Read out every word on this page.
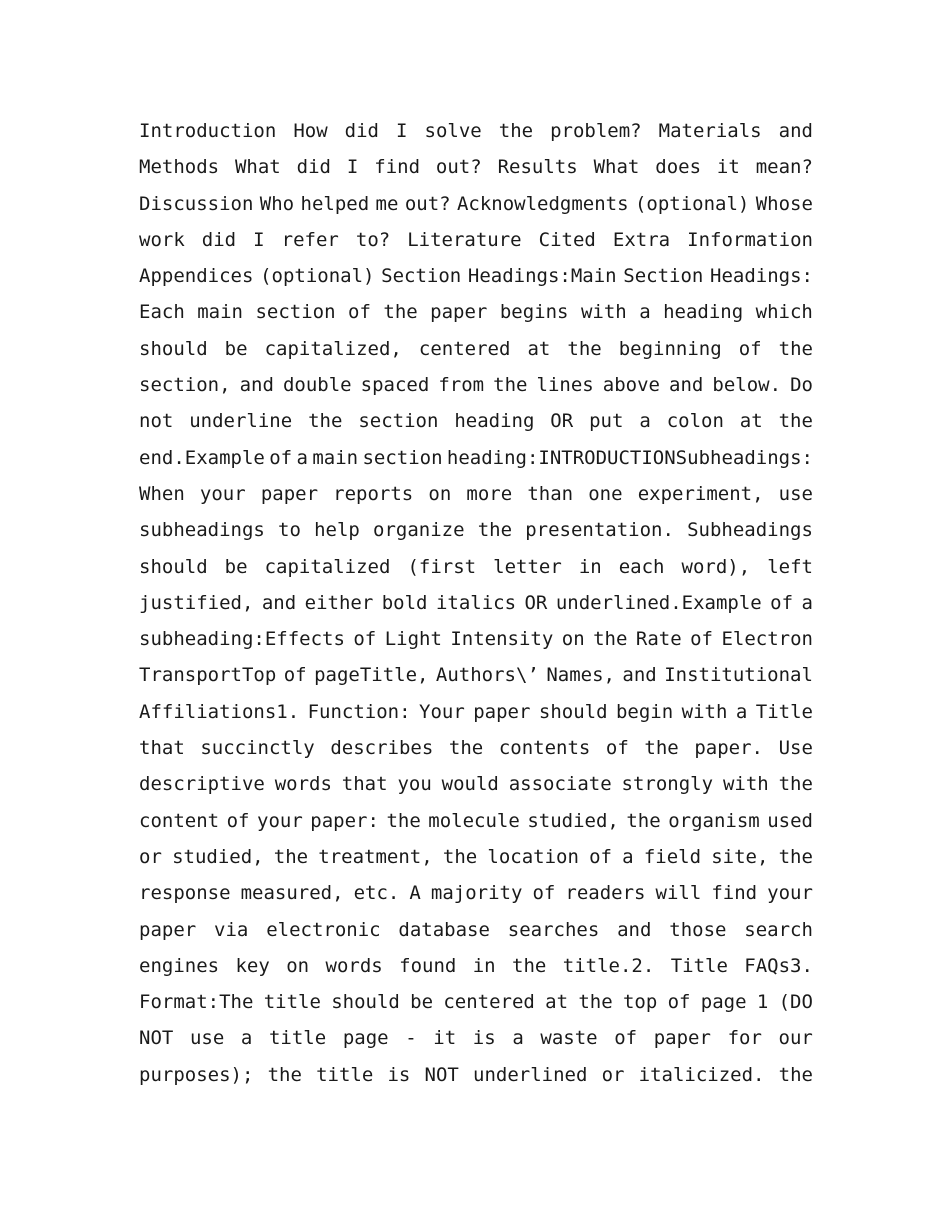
Introduction How did I solve the problem? Materials and
Methods What did I find out? Results What does it mean?
Discussion Who helped me out? Acknowledgments (optional) Whose
work did I refer to? Literature Cited Extra Information
Appendices (optional) Section Headings:Main Section Headings:
Each main section of the paper begins with a heading which
should be capitalized, centered at the beginning of the
section, and double spaced from the lines above and below. Do
not underline the section heading OR put a colon at the
end.Example of a main section heading:INTRODUCTIONSubheadings:
When your paper reports on more than one experiment, use
subheadings to help organize the presentation. Subheadings
should be capitalized (first letter in each word), left
justified, and either bold italics OR underlined.Example of a
subheading:Effects of Light Intensity on the Rate of Electron
TransportTop of pageTitle, Authors\’ Names, and Institutional
Affiliations1. Function: Your paper should begin with a Title
that succinctly describes the contents of the paper. Use
descriptive words that you would associate strongly with the
content of your paper: the molecule studied, the organism used
or studied, the treatment, the location of a field site, the
response measured, etc. A majority of readers will find your
paper via electronic database searches and those search
engines key on words found in the title.2. Title FAQs3.
Format:The title should be centered at the top of page 1 (DO
NOT use a title page - it is a waste of paper for our
purposes); the title is NOT underlined or italicized. the
